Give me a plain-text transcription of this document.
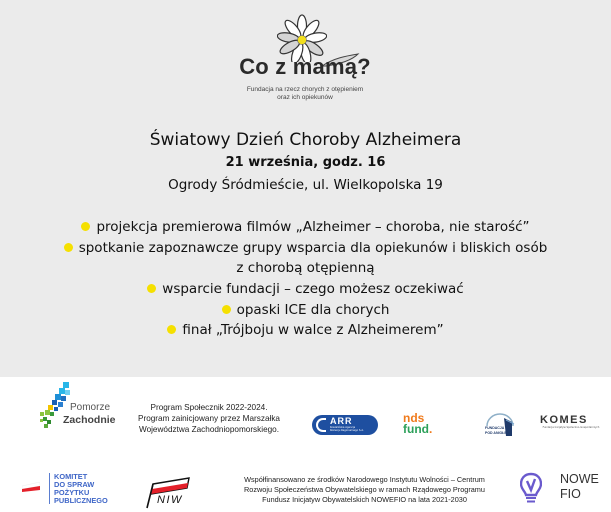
Co z mamą?
Fundacja na rzecz chorych z otępieniem
oraz ich opiekunów
Światowy Dzień Choroby Alzheimera
21 września, godz. 16
Ogrody Śródmieście, ul. Wielkopolska 19
projekcja premierowa filmów „Alzheimer – choroba, nie starość”
spotkanie zapoznawcze grupy wsparcia dla opiekunów i bliskich osób
z chorobą otępienną
wsparcie fundacji – czego możesz oczekiwać
opaski ICE dla chorych
finał „Trójboju w walce z Alzheimerem”
Pomorze
Zachodnie
Program Społecznik 2022-2024.
Program zainicjowany przez Marszałka
Województwa Zachodniopomorskiego.
ARR
Koszalińska Agencja
Rozwoju Regionalnego S.A.
nds
fund.	FUNDACJA
POD ANIOŁEM
KOMES
Fundacja Inicjatyw Społeczno-Gospodarczych
KOMITET
DO SPRAW
POŻYTKU
PUBLICZNEGO	NIW
Współfinansowano ze środków Narodowego Instytutu Wolności – Centrum
Rozwoju Społeczeństwa Obywatelskiego w ramach Rządowego Programu
Fundusz Inicjatyw Obywatelskich NOWEFIO na lata 2021-2030
NOWE
FIO
